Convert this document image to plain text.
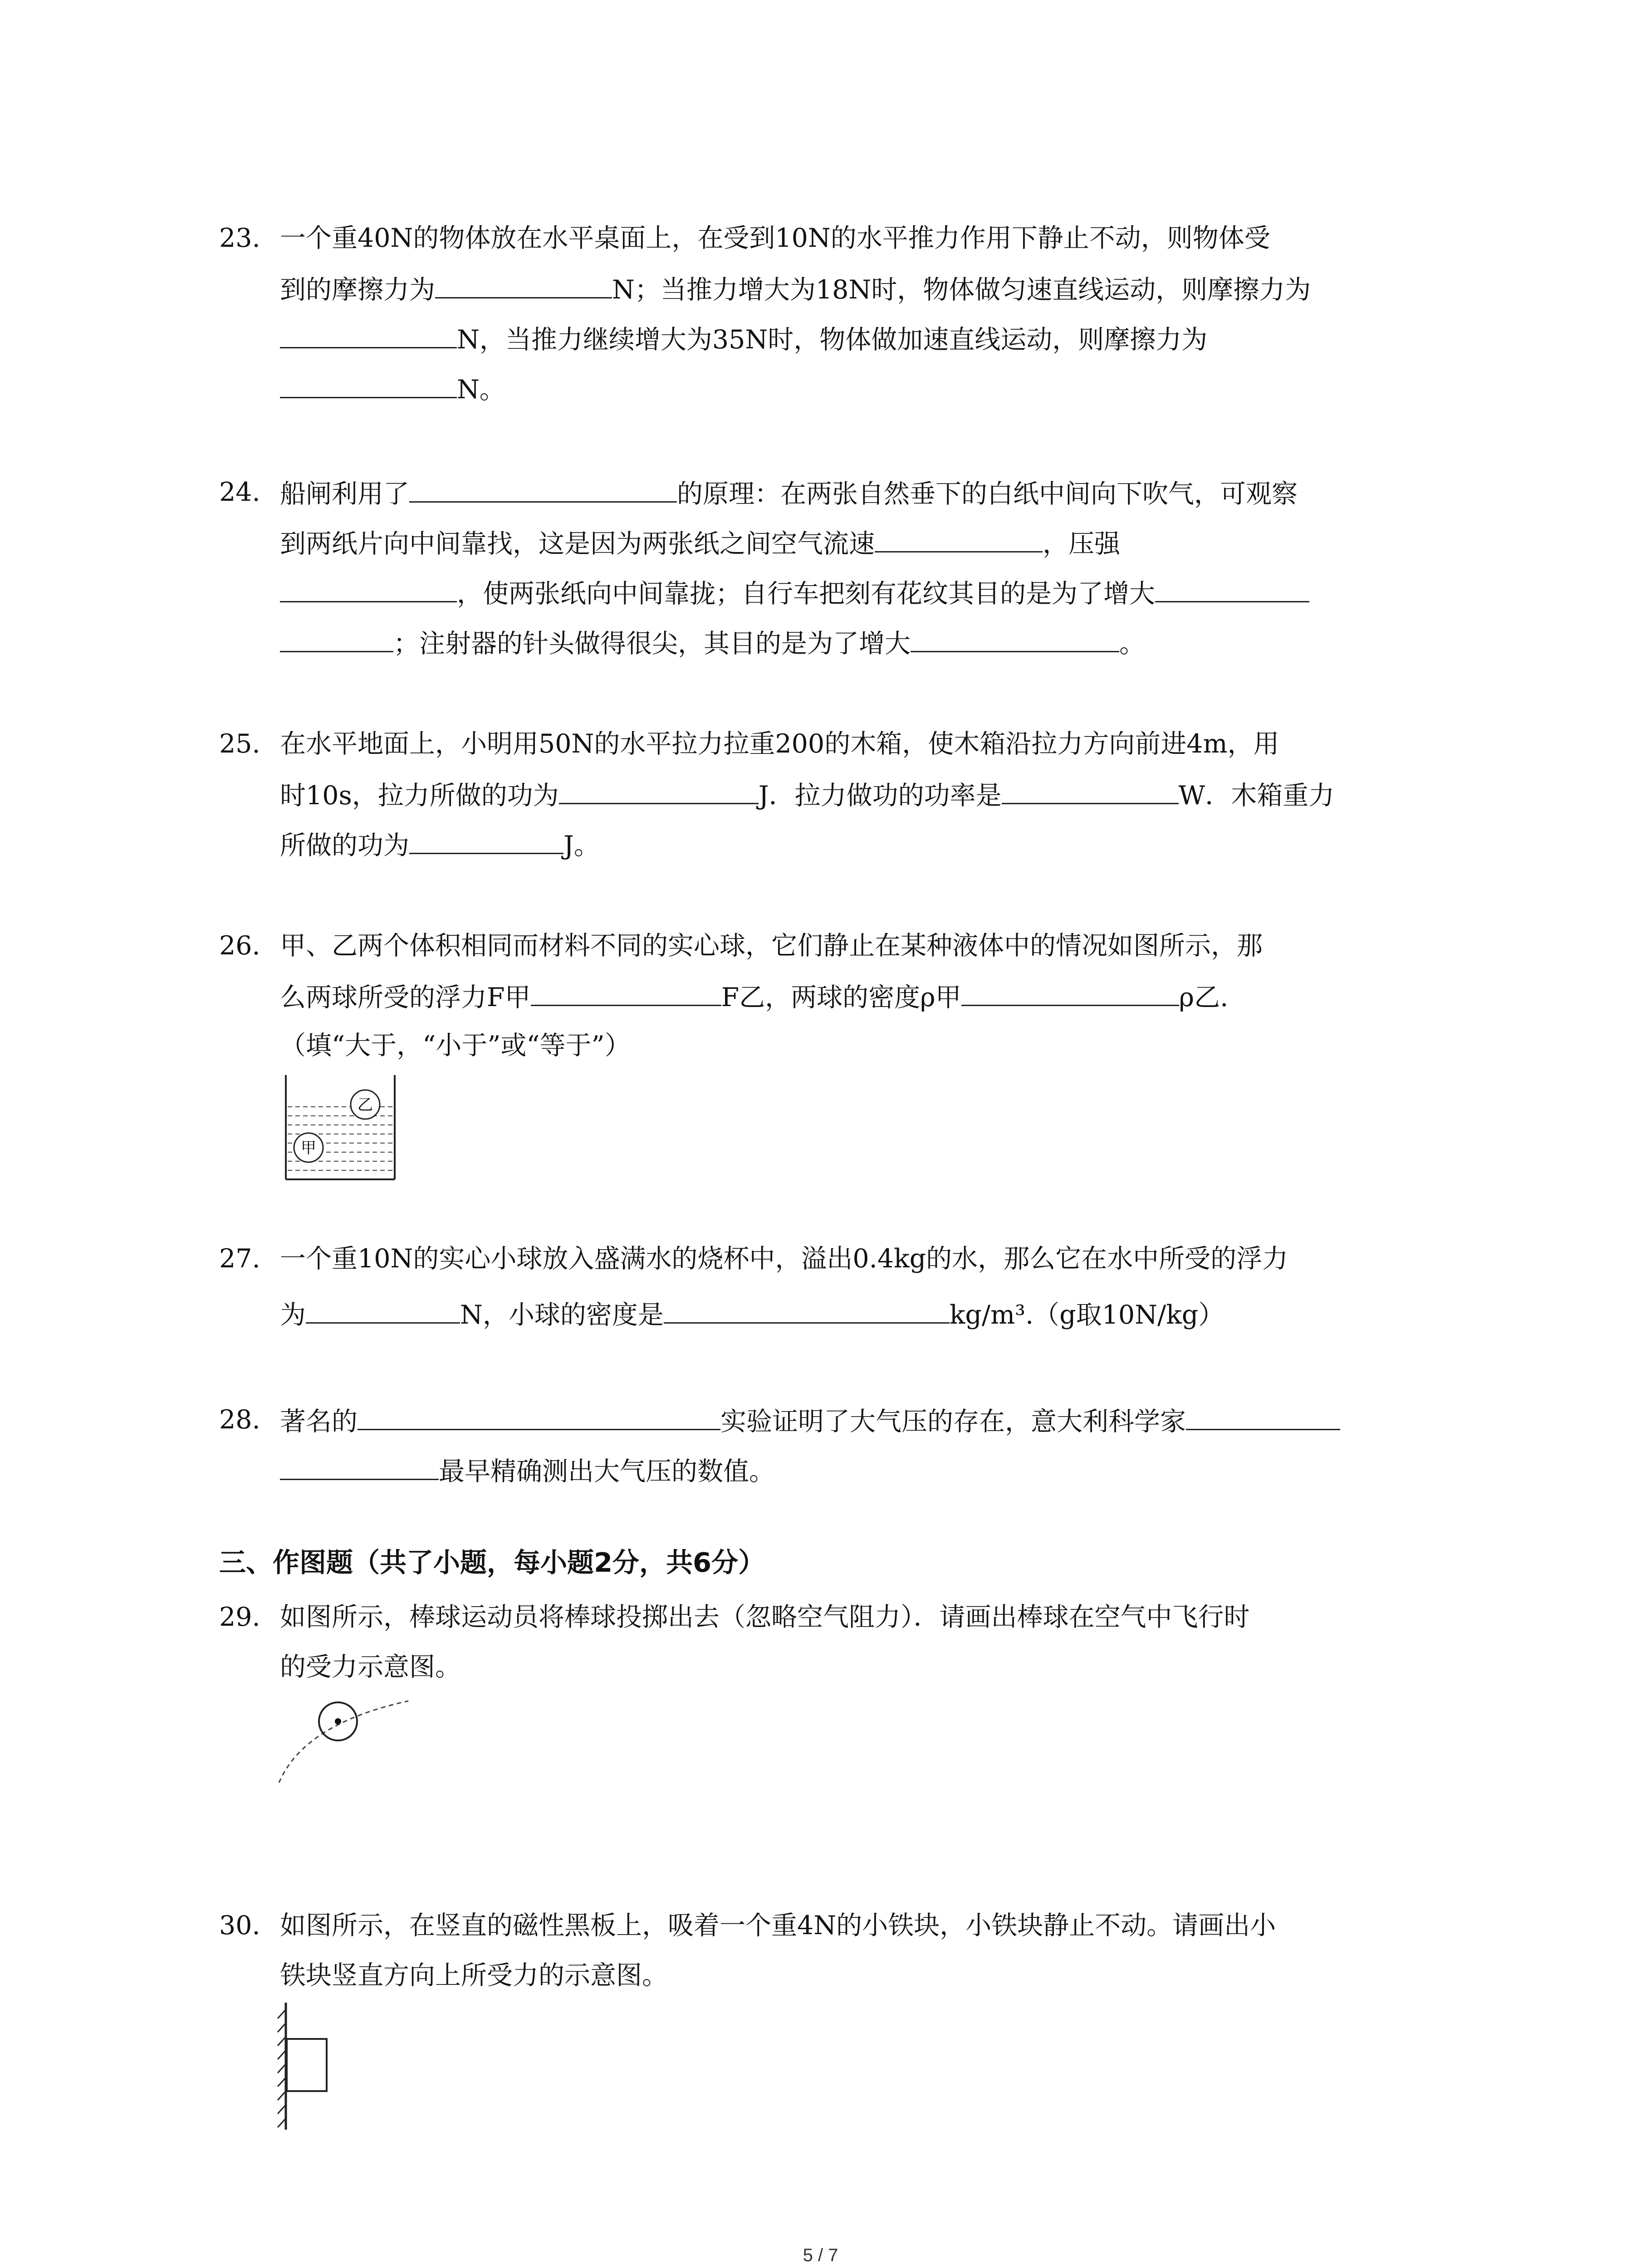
23. 一个重40N的物体放在水平桌面上，在受到10N的水平推力作用下静止不动，则物体受
到的摩擦力为	N；当推力增大为18N时，物体做匀速直线运动，则摩擦力为
N，当推力继续增大为35N时，物体做加速直线运动，则摩擦力为
N。
24. 船闸利用了	的原理：在两张自然垂下的白纸中间向下吹气，可观察
到两纸片向中间靠找，这是因为两张纸之间空气流速	，压强
，使两张纸向中间靠拢；自行车把刻有花纹其目的是为了增大
；注射器的针头做得很尖，其目的是为了增大	。
25. 在水平地面上，小明用50N的水平拉力拉重200的木箱，使木箱沿拉力方向前进4m，用
时10s，拉力所做的功为	J．拉力做功的功率是	W．木箱重力
所做的功为	J。
26. 甲、乙两个体积相同而材料不同的实心球，它们静止在某种液体中的情况如图所示，那
么两球所受的浮力F甲	F乙，两球的密度ρ甲	ρ乙.
（填“大于，“小于”或“等于”）
乙
甲
27. 一个重10N的实心小球放入盛满水的烧杯中，溢出0.4kg的水，那么它在水中所受的浮力
为	N，小球的密度是	kg/m³.（g取10N/kg）
28. 著名的	实验证明了大气压的存在，意大利科学家
最早精确测出大气压的数值。
三、作图题（共了小题，每小题2分，共6分）
29. 如图所示，棒球运动员将棒球投掷出去（忽略空气阻力）．请画出棒球在空气中飞行时
的受力示意图。
30. 如图所示，在竖直的磁性黑板上，吸着一个重4N的小铁块，小铁块静止不动。请画出小
铁块竖直方向上所受力的示意图。
5 / 7
